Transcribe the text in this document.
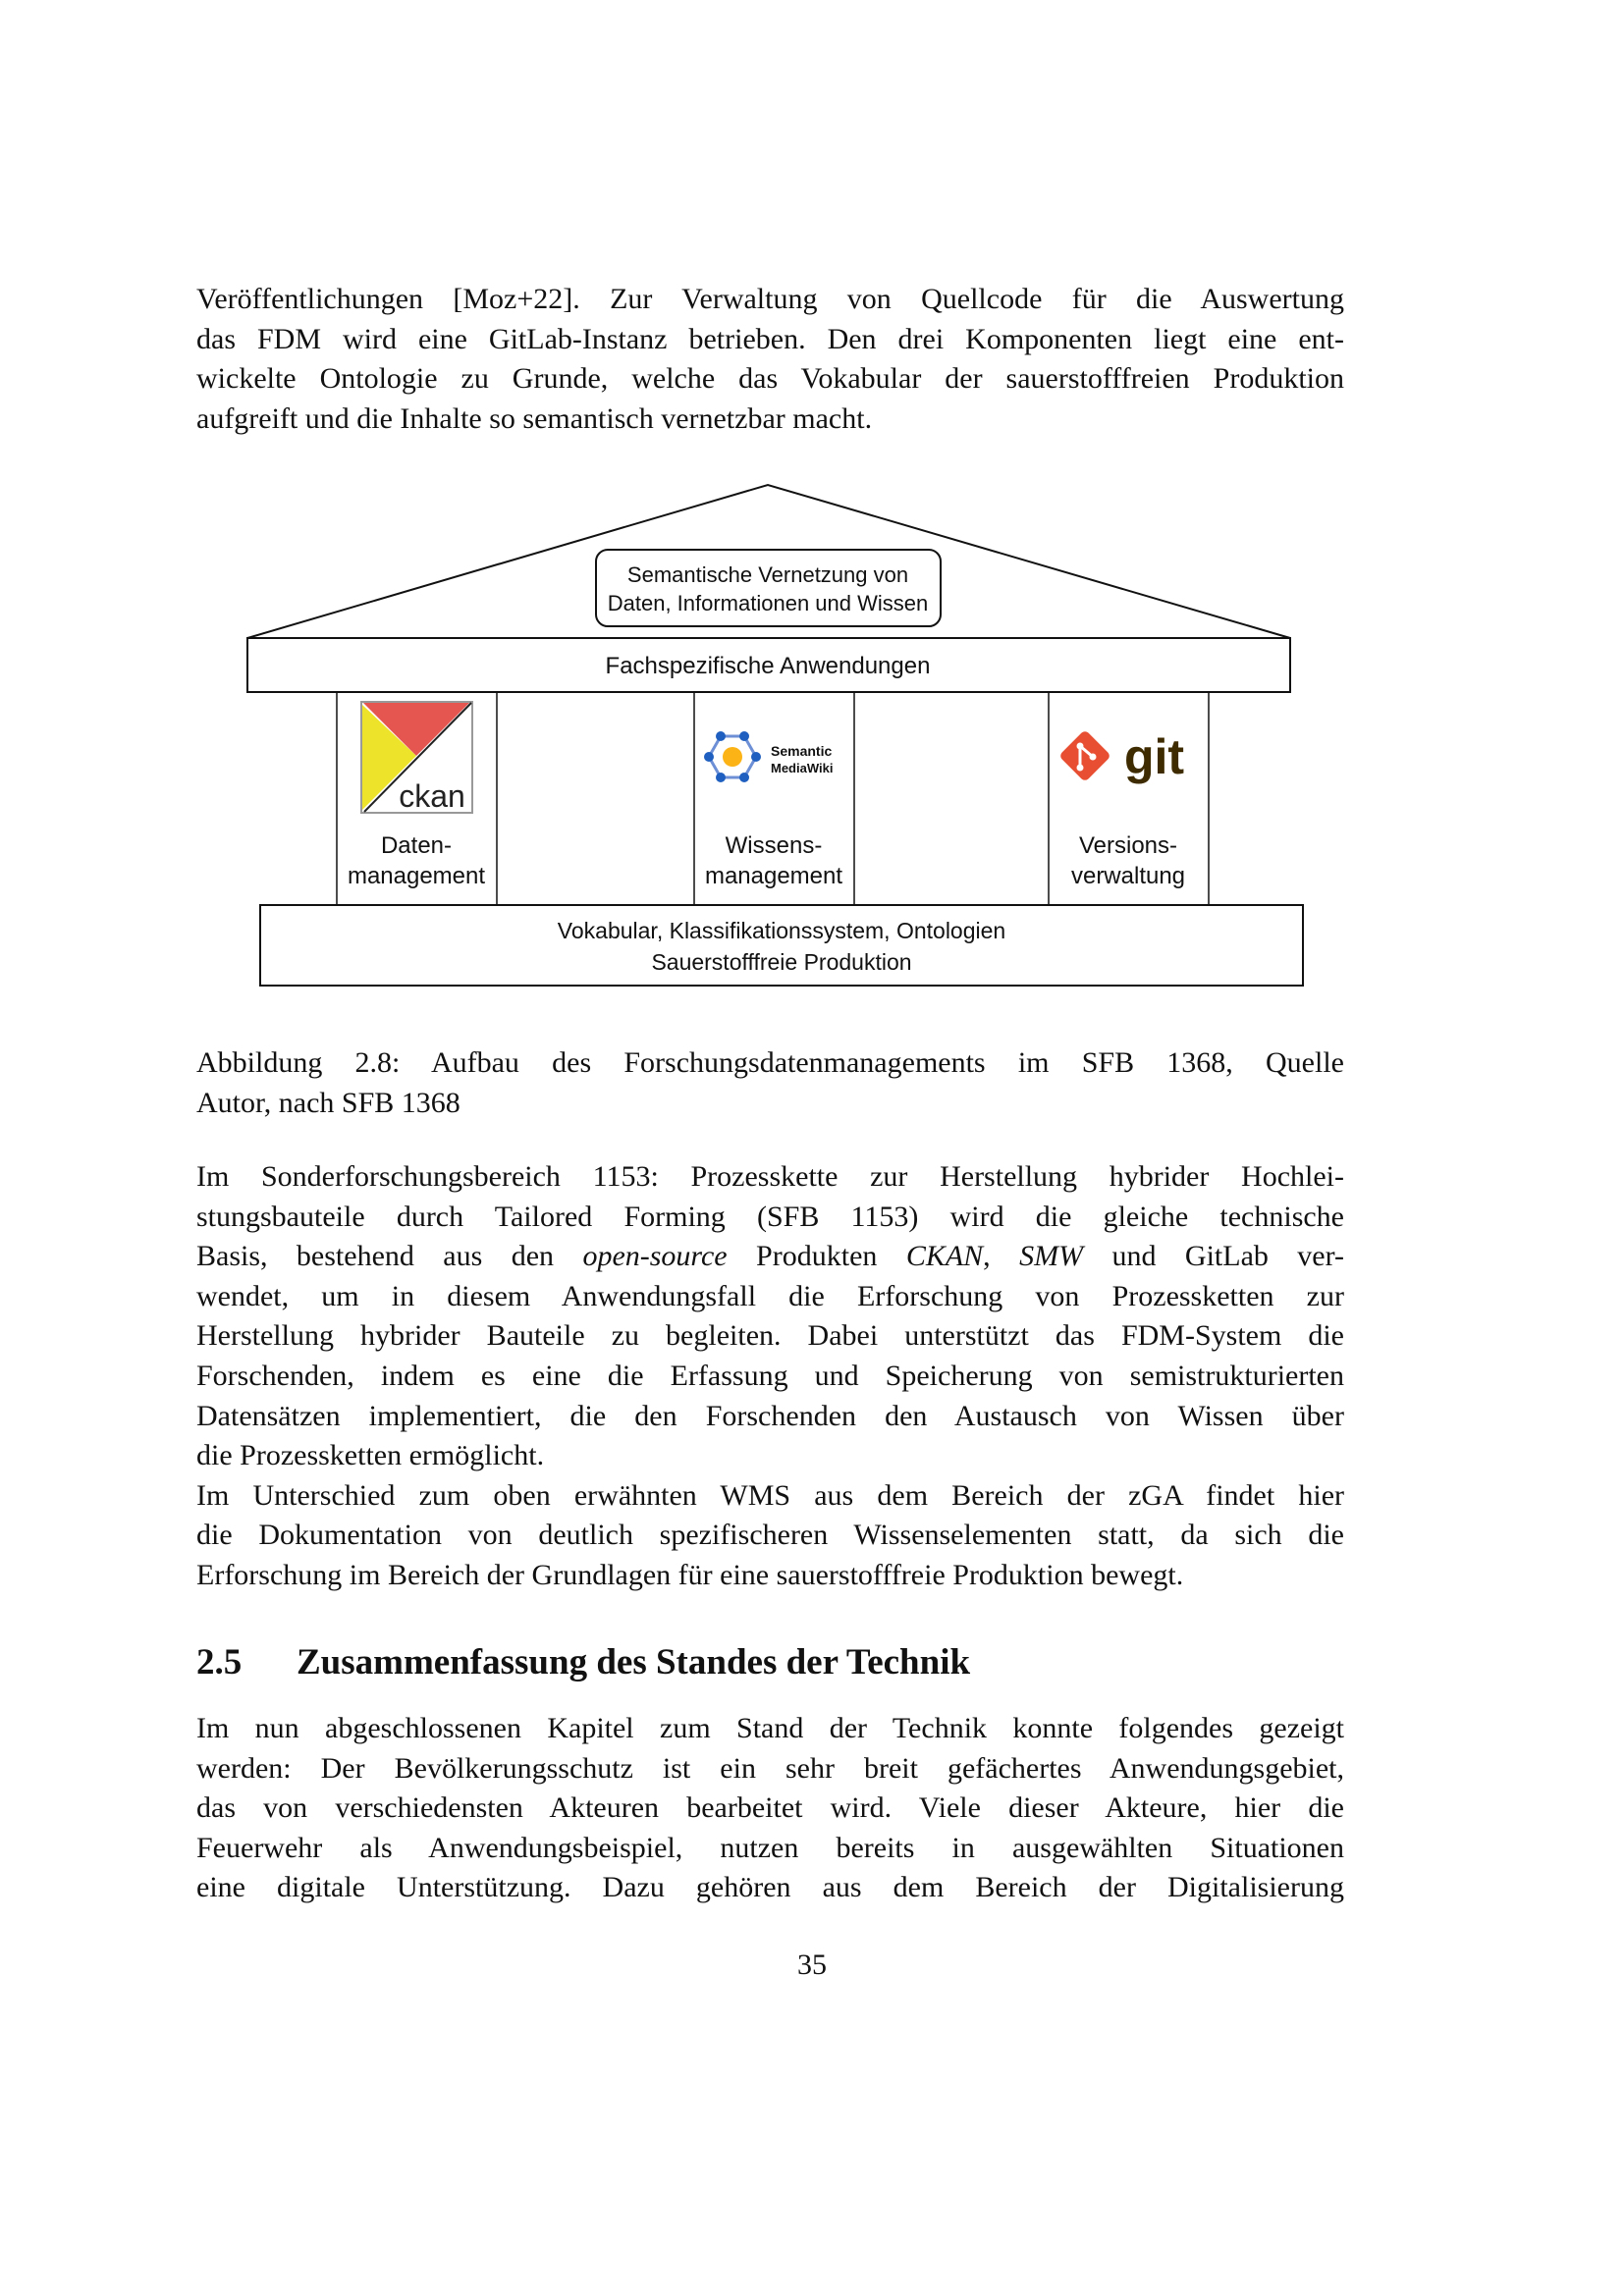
Veröffentlichungen [Moz+22]. Zur Verwaltung von Quellcode für die Auswertung
das FDM wird eine GitLab-Instanz betrieben. Den drei Komponenten liegt eine ent-
wickelte Ontologie zu Grunde, welche das Vokabular der sauerstofffreien Produktion
aufgreift und die Inhalte so semantisch vernetzbar macht.
Semantische Vernetzung von
Daten, Informationen und Wissen
Fachspezifische Anwendungen
ckan
Daten-
management
Semantic
MediaWiki
Wissens-
management
git
Versions-
verwaltung
Vokabular, Klassifikationssystem, Ontologien
Sauerstofffreie Produktion
Abbildung 2.8: Aufbau des Forschungsdatenmanagements im SFB 1368, Quelle
Autor, nach SFB 1368
Im Sonderforschungsbereich 1153: Prozesskette zur Herstellung hybrider Hochlei-
stungsbauteile durch Tailored Forming (SFB 1153) wird die gleiche technische
Basis, bestehend aus den open-source Produkten CKAN, SMW und GitLab ver-
wendet, um in diesem Anwendungsfall die Erforschung von Prozessketten zur
Herstellung hybrider Bauteile zu begleiten. Dabei unterstützt das FDM-System die
Forschenden, indem es eine die Erfassung und Speicherung von semistrukturierten
Datensätzen implementiert, die den Forschenden den Austausch von Wissen über
die Prozessketten ermöglicht.
Im Unterschied zum oben erwähnten WMS aus dem Bereich der zGA findet hier
die Dokumentation von deutlich spezifischeren Wissenselementen statt, da sich die
Erforschung im Bereich der Grundlagen für eine sauerstofffreie Produktion bewegt.
2.5 Zusammenfassung des Standes der Technik
Im nun abgeschlossenen Kapitel zum Stand der Technik konnte folgendes gezeigt
werden: Der Bevölkerungsschutz ist ein sehr breit gefächertes Anwendungsgebiet,
das von verschiedensten Akteuren bearbeitet wird. Viele dieser Akteure, hier die
Feuerwehr als Anwendungsbeispiel, nutzen bereits in ausgewählten Situationen
eine digitale Unterstützung. Dazu gehören aus dem Bereich der Digitalisierung
35
